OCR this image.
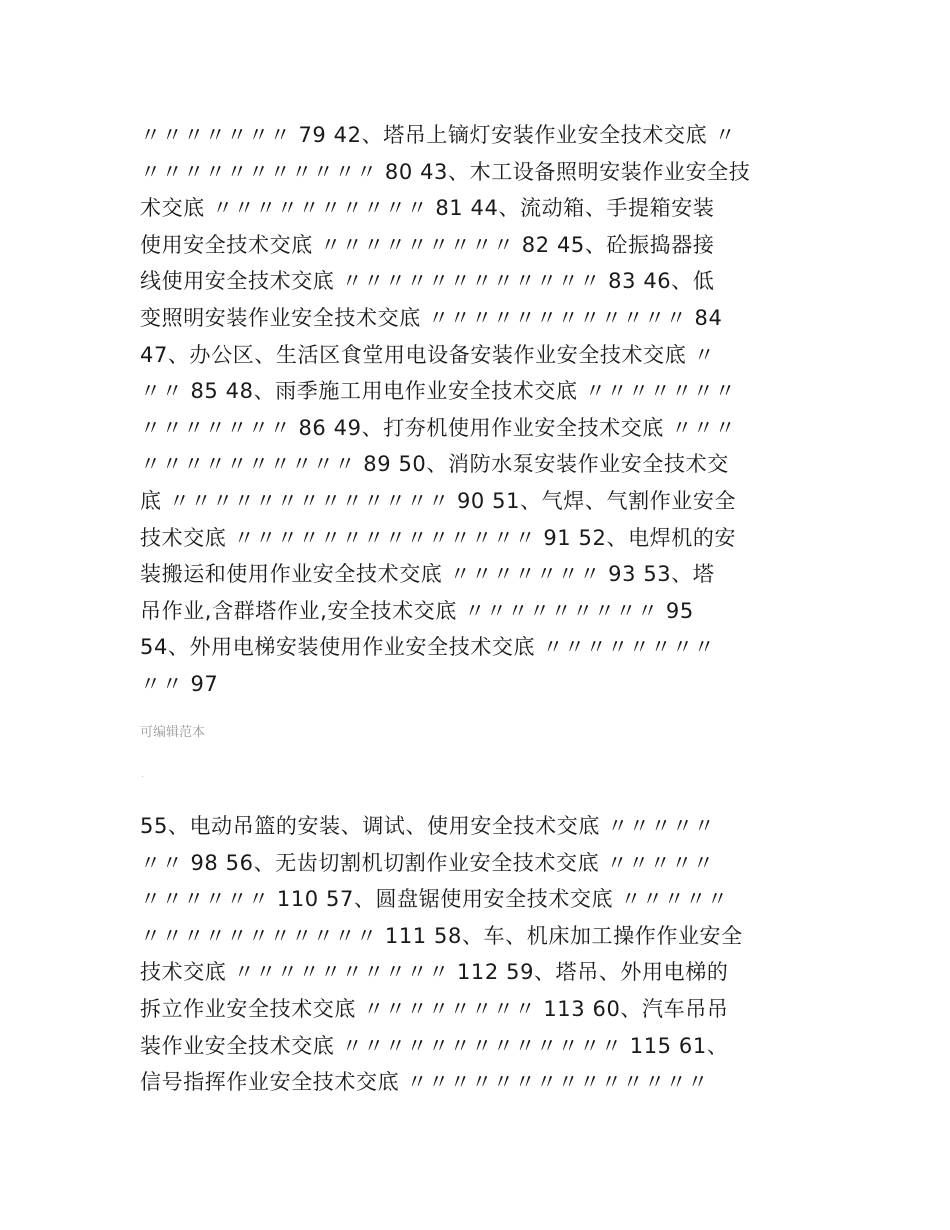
〃〃〃〃〃〃〃 79 42、塔吊上镝灯安装作业安全技术交底 〃
〃〃〃〃〃〃〃〃〃〃〃 80 43、木工设备照明安装作业安全技
术交底 〃〃〃〃〃〃〃〃〃〃 81 44、流动箱、手提箱安装
使用安全技术交底 〃〃〃〃〃〃〃〃〃 82 45、砼振捣器接
线使用安全技术交底 〃〃〃〃〃〃〃〃〃〃〃〃 83 46、低
变照明安装作业安全技术交底 〃〃〃〃〃〃〃〃〃〃〃〃 84
47、办公区、生活区食堂用电设备安装作业安全技术交底 〃
〃〃 85 48、雨季施工用电作业安全技术交底 〃〃〃〃〃〃〃
〃〃〃〃〃〃〃 86 49、打夯机使用作业安全技术交底 〃〃〃
〃〃〃〃〃〃〃〃〃〃 89 50、消防水泵安装作业安全技术交
底 〃〃〃〃〃〃〃〃〃〃〃〃〃 90 51、气焊、气割作业安全
技术交底 〃〃〃〃〃〃〃〃〃〃〃〃〃〃 91 52、电焊机的安
装搬运和使用作业安全技术交底 〃〃〃〃〃〃〃 93 53、塔
吊作业,含群塔作业,安全技术交底 〃〃〃〃〃〃〃〃〃 95
54、外用电梯安装使用作业安全技术交底 〃〃〃〃〃〃〃〃
〃〃 97
可编辑范本
.
55、电动吊篮的安装、调试、使用安全技术交底 〃〃〃〃〃
〃〃 98 56、无齿切割机切割作业安全技术交底 〃〃〃〃〃
〃〃〃〃〃〃 110 57、圆盘锯使用安全技术交底 〃〃〃〃〃
〃〃〃〃〃〃〃〃〃〃〃 111 58、车、机床加工操作作业安全
技术交底 〃〃〃〃〃〃〃〃〃〃 112 59、塔吊、外用电梯的
拆立作业安全技术交底 〃〃〃〃〃〃〃〃 113 60、汽车吊吊
装作业安全技术交底 〃〃〃〃〃〃〃〃〃〃〃〃〃 115 61、
信号指挥作业安全技术交底 〃〃〃〃〃〃〃〃〃〃〃〃〃〃
